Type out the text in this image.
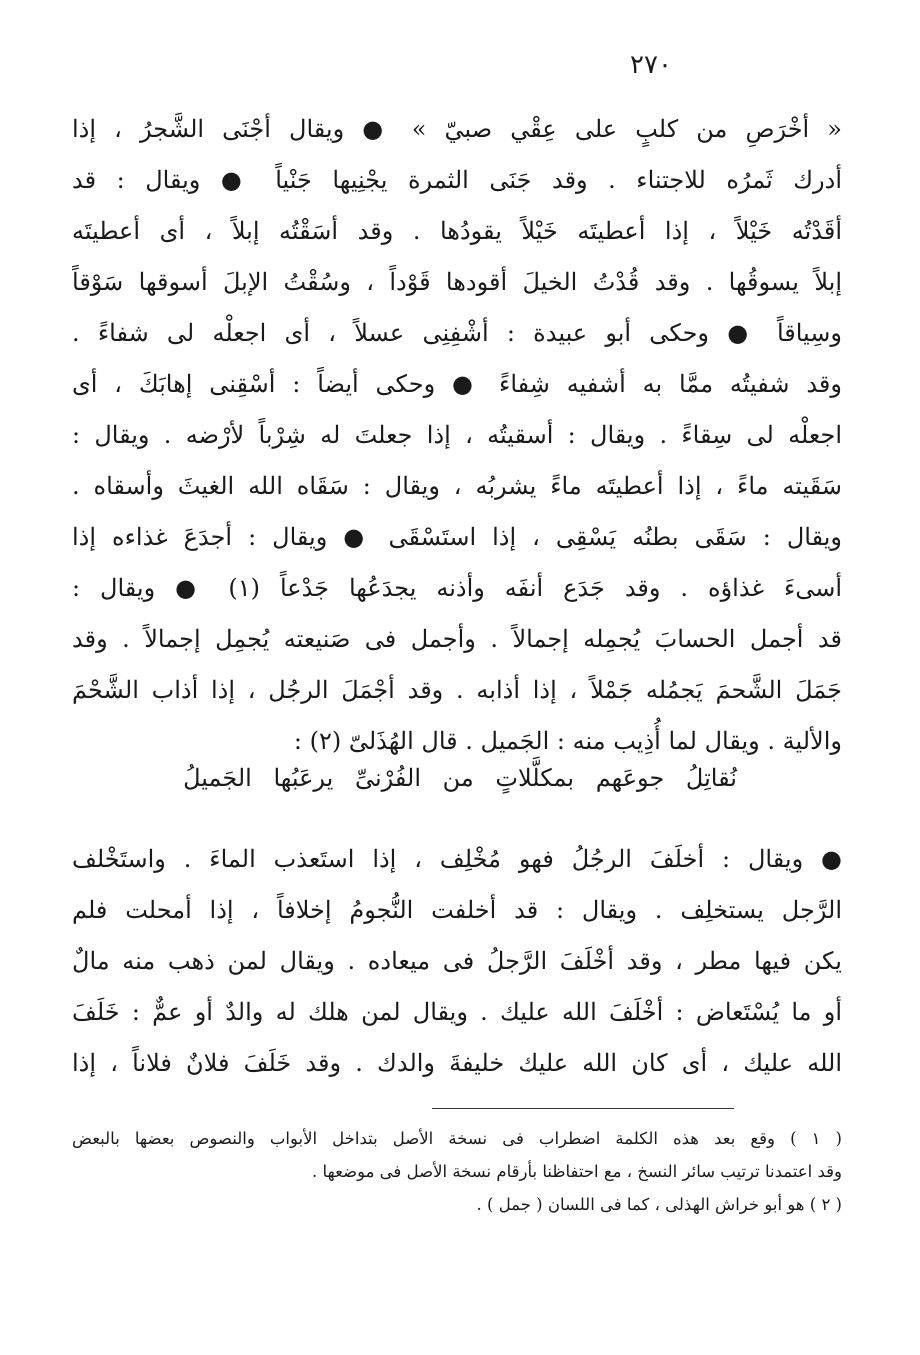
٢٧٠
« أخْرَصِ من كلبٍ على عِقْي صبيّ » ● ويقال أجْنَى الشَّجرُ ، إذا
أدرك ثَمرُه للاجتناء . وقد جَنَى الثمرة يجْنِيها جَنْياً ● ويقال : قد
أقَدْتُه خَيْلاً ، إذا أعطيتَه خَيْلاً يقودُها . وقد أسَقْتُه إبلاً ، أى أعطيتَه
إبلاً يسوقُها . وقد قُدْتُ الخيلَ أقودها قَوْداً ، وسُقْتُ الإبلَ أسوقها سَوْقاً
وسِياقاً ● وحكى أبو عبيدة : أشْفِنِى عسلاً ، أى اجعلْه لى شفاءً .
وقد شفيتُه ممَّا به أشفيه شِفاءً ● وحكى أيضاً : أسْقِنى إهابَكَ ، أى
اجعلْه لى سِقاءً . ويقال : أسقيتُه ، إذا جعلتَ له شِرْباً لأرْضه . ويقال :
سَقَيته ماءً ، إذا أعطيتَه ماءً يشربُه ، ويقال : سَقَاه الله الغيثَ وأسقاه .
ويقال : سَقَى بطنُه يَسْقِى ، إذا استَسْقَى ● ويقال : أجدَعَ غذاءه إذا
أسىءَ غذاؤه . وقد جَدَع أنفَه وأذنه يجدَعُها جَدْعاً (١) ● ويقال :
قد أجمل الحسابَ يُجمِله إجمالاً . وأجمل فى صَنيعته يُجمِل إجمالاً . وقد
جَمَلَ الشَّحمَ يَجمُله جَمْلاً ، إذا أذابه . وقد أجْمَلَ الرجُل ، إذا أذاب الشَّحْمَ
والألية . ويقال لما أُذِيب منه : الجَميل . قال الهُذَلىّ (٢) :
نُقاتِلُ جوعَهم بمكلَّلاتٍ من الفُرْنىِّ يرعَبُها الجَميلُ
● ويقال : أخلَفَ الرجُلُ فهو مُخْلِف ، إذا استَعذب الماءَ . واستَخْلف
الرَّجل يستخلِف . ويقال : قد أخلفت النُّجومُ إخلافاً ، إذا أمحلت فلم
يكن فيها مطر ، وقد أخْلَفَ الرَّجلُ فى ميعاده . ويقال لمن ذهب منه مالٌ
أو ما يُسْتَعاض : أخْلَفَ الله عليك . ويقال لمن هلك له والدٌ أو عمٌّ : خَلَفَ
الله عليك ، أى كان الله عليك خليفةَ والدك . وقد خَلَفَ فلانٌ فلاناً ، إذا
( ١ ) وقع بعد هذه الكلمة اضطراب فى نسخة الأصل بتداخل الأبواب والنصوص بعضها بالبعض
وقد اعتمدنا ترتيب سائر النسخ ، مع احتفاظنا بأرقام نسخة الأصل فى موضعها .
( ٢ ) هو أبو خراش الهذلى ، كما فى اللسان ( جمل ) .
